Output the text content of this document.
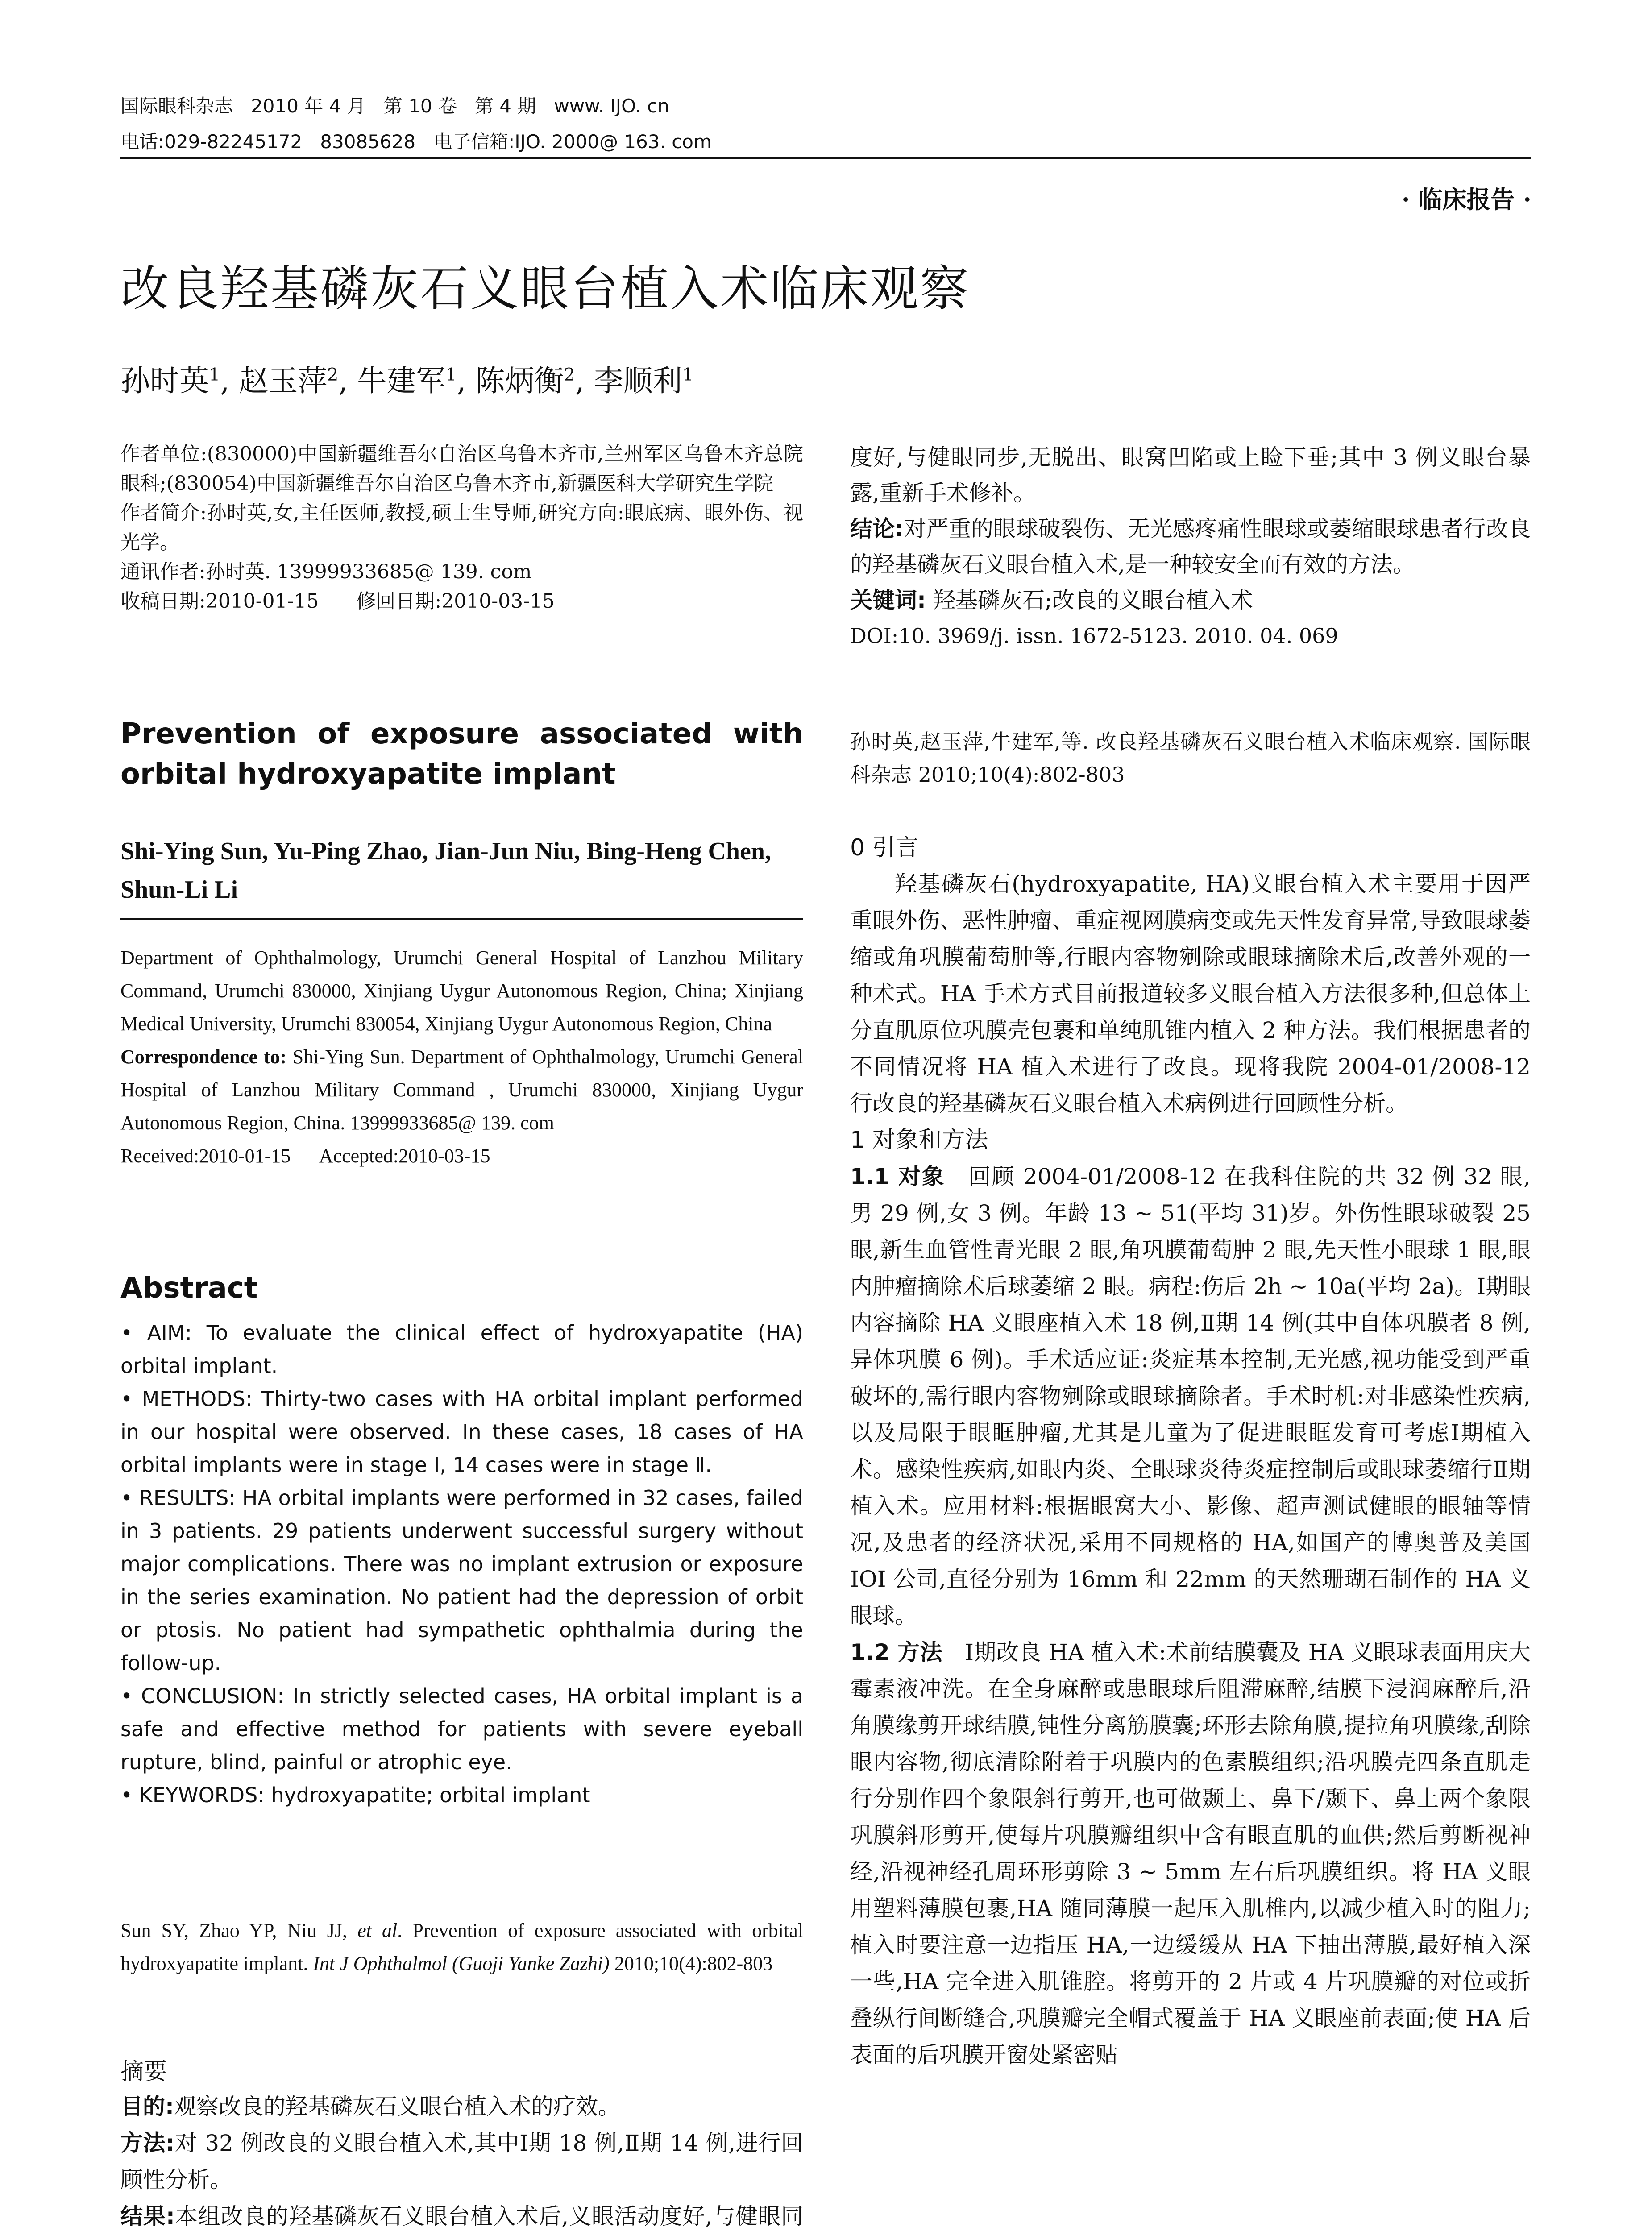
国际眼科杂志   2010 年 4 月   第 10 卷   第 4 期   www. IJO. cn
电话:029-82245172   83085628   电子信箱:IJO. 2000@ 163. com
· 临床报告 ·
改良羟基磷灰石义眼台植入术临床观察
孙时英$^1$, 赵玉萍$^2$, 牛建军$^1$, 陈炳衡$^2$, 李顺利$^1$

作者单位:(830000)中国新疆维吾尔自治区乌鲁木齐市,兰州军区乌鲁木齐总院眼科;(830054)中国新疆维吾尔自治区乌鲁木齐市,新疆医科大学研究生学院

作者简介:孙时英,女,主任医师,教授,硕士生导师,研究方向:眼底病、眼外伤、视光学。

通讯作者:孙时英. 13999933685@ 139. com

收稿日期:2010-01-15      修回日期:2010-03-15

Prevention of exposure associated with orbital hydroxyapatite implant
Shi-Ying Sun, Yu-Ping Zhao, Jian-Jun Niu, Bing-Heng Chen, Shun-Li Li

Department of Ophthalmology, Urumchi General Hospital of Lanzhou Military Command, Urumchi 830000, Xinjiang Uygur Autonomous Region, China; Xinjiang Medical University, Urumchi 830054, Xinjiang Uygur Autonomous Region, China

Correspondence to: Shi-Ying Sun. Department of Ophthalmology, Urumchi General Hospital of Lanzhou Military Command , Urumchi 830000, Xinjiang Uygur Autonomous Region, China. 13999933685@ 139. com

Received:2010-01-15      Accepted:2010-03-15

Abstract

• AIM: To evaluate the clinical effect of hydroxyapatite (HA) orbital implant.

• METHODS: Thirty-two cases with HA orbital implant performed in our hospital were observed. In these cases, 18 cases of HA orbital implants were in stage Ⅰ, 14 cases were in stage Ⅱ.

• RESULTS: HA orbital implants were performed in 32 cases, failed in 3 patients. 29 patients underwent successful surgery without major complications. There was no implant extrusion or exposure in the series examination. No patient had the depression of orbit or ptosis. No patient had sympathetic ophthalmia during the follow-up.

• CONCLUSION: In strictly selected cases, HA orbital implant is a safe and effective method for patients with severe eyeball rupture, blind, painful or atrophic eye.

• KEYWORDS: hydroxyapatite; orbital implant

Sun SY, Zhao YP, Niu JJ, et al. Prevention of exposure associated with orbital hydroxyapatite implant. Int J Ophthalmol (Guoji Yanke Zazhi) 2010;10(4):802-803
摘要

目的:观察改良的羟基磷灰石义眼台植入术的疗效。

方法:对 32 例改良的义眼台植入术,其中Ⅰ期 18 例,Ⅱ期 14 例,进行回顾性分析。

结果:本组改良的羟基磷灰石义眼台植入术后,义眼活动度好,与健眼同

度好,与健眼同步,无脱出、眼窝凹陷或上睑下垂;其中 3 例义眼台暴露,重新手术修补。

结论:对严重的眼球破裂伤、无光感疼痛性眼球或萎缩眼球患者行改良的羟基磷灰石义眼台植入术,是一种较安全而有效的方法。

关键词: 羟基磷灰石;改良的义眼台植入术

DOI:10. 3969/j. issn. 1672-5123. 2010. 04. 069

孙时英,赵玉萍,牛建军,等. 改良羟基磷灰石义眼台植入术临床观察. 国际眼科杂志 2010;10(4):802-803

0 引言

羟基磷灰石(hydroxyapatite, HA)义眼台植入术主要用于因严重眼外伤、恶性肿瘤、重症视网膜病变或先天性发育异常,导致眼球萎缩或角巩膜葡萄肿等,行眼内容物剜除或眼球摘除术后,改善外观的一种术式。HA 手术方式目前报道较多义眼台植入方法很多种,但总体上分直肌原位巩膜壳包裹和单纯肌锥内植入 2 种方法。我们根据患者的不同情况将 HA 植入术进行了改良。现将我院 2004-01/2008-12 行改良的羟基磷灰石义眼台植入术病例进行回顾性分析。

1 对象和方法

1.1 对象　 回顾 2004-01/2008-12 在我科住院的共 32 例 32 眼,男 29 例,女 3 例。年龄 13 ~ 51(平均 31)岁。外伤性眼球破裂 25 眼,新生血管性青光眼 2 眼,角巩膜葡萄肿 2 眼,先天性小眼球 1 眼,眼内肿瘤摘除术后球萎缩 2 眼。病程:伤后 2h ~ 10a(平均 2a)。Ⅰ期眼内容摘除 HA 义眼座植入术 18 例,Ⅱ期 14 例(其中自体巩膜者 8 例,异体巩膜 6 例)。手术适应证:炎症基本控制,无光感,视功能受到严重破坏的,需行眼内容物剜除或眼球摘除者。手术时机:对非感染性疾病,以及局限于眼眶肿瘤,尤其是儿童为了促进眼眶发育可考虑Ⅰ期植入术。感染性疾病,如眼内炎、全眼球炎待炎症控制后或眼球萎缩行Ⅱ期植入术。应用材料:根据眼窝大小、影像、超声测试健眼的眼轴等情况,及患者的经济状况,采用不同规格的 HA,如国产的博奥普及美国 IOI 公司,直径分别为 16mm 和 22mm 的天然珊瑚石制作的 HA 义眼球。

1.2 方法　 Ⅰ期改良 HA 植入术:术前结膜囊及 HA 义眼球表面用庆大霉素液冲洗。在全身麻醉或患眼球后阻滞麻醉,结膜下浸润麻醉后,沿角膜缘剪开球结膜,钝性分离筋膜囊;环形去除角膜,提拉角巩膜缘,刮除眼内容物,彻底清除附着于巩膜内的色素膜组织;沿巩膜壳四条直肌走行分别作四个象限斜行剪开,也可做颞上、鼻下/颞下、鼻上两个象限巩膜斜形剪开,使每片巩膜瓣组织中含有眼直肌的血供;然后剪断视神经,沿视神经孔周环形剪除 3 ~ 5mm 左右后巩膜组织。将 HA 义眼用塑料薄膜包裹,HA 随同薄膜一起压入肌椎内,以减少植入时的阻力;植入时要注意一边指压 HA,一边缓缓从 HA 下抽出薄膜,最好植入深一些,HA 完全进入肌锥腔。将剪开的 2 片或 4 片巩膜瓣的对位或折叠纵行间断缝合,巩膜瓣完全帽式覆盖于 HA 义眼座前表面;使 HA 后表面的后巩膜开窗处紧密贴
